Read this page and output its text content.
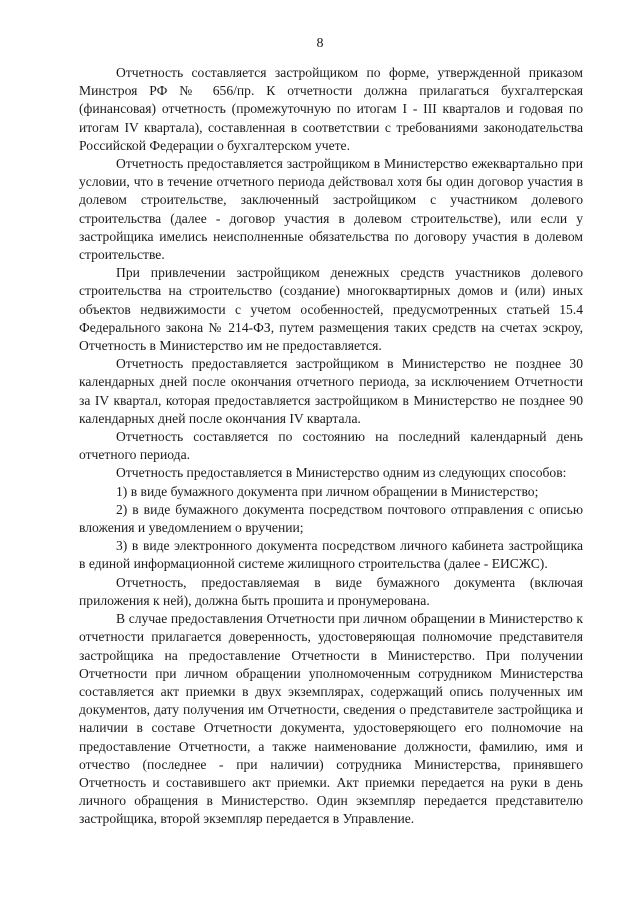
8

Отчетность составляется застройщиком по форме, утвержденной приказом Минстроя РФ № 656/пр. К отчетности должна прилагаться бухгалтерская (финансовая) отчетность (промежуточную по итогам I - III кварталов и годовая по итогам IV квартала), составленная в соответствии с требованиями законодательства Российской Федерации о бухгалтерском учете.

Отчетность предоставляется застройщиком в Министерство ежеквартально при условии, что в течение отчетного периода действовал хотя бы один договор участия в долевом строительстве, заключенный застройщиком с участником долевого строительства (далее - договор участия в долевом строительстве), или если у застройщика имелись неисполненные обязательства по договору участия в долевом строительстве.

При привлечении застройщиком денежных средств участников долевого строительства на строительство (создание) многоквартирных домов и (или) иных объектов недвижимости с учетом особенностей, предусмотренных статьей 15.4 Федерального закона № 214-ФЗ, путем размещения таких средств на счетах эскроу, Отчетность в Министерство им не предоставляется.

Отчетность предоставляется застройщиком в Министерство не позднее 30 календарных дней после окончания отчетного периода, за исключением Отчетности за IV квартал, которая предоставляется застройщиком в Министерство не позднее 90 календарных дней после окончания IV квартала.

Отчетность составляется по состоянию на последний календарный день отчетного периода.

Отчетность предоставляется в Министерство одним из следующих способов:

1) в виде бумажного документа при личном обращении в Министерство;

2) в виде бумажного документа посредством почтового отправления с описью вложения и уведомлением о вручении;

3) в виде электронного документа посредством личного кабинета застройщика в единой информационной системе жилищного строительства (далее - ЕИСЖС).

Отчетность, предоставляемая в виде бумажного документа (включая приложения к ней), должна быть прошита и пронумерована.

В случае предоставления Отчетности при личном обращении в Министерство к отчетности прилагается доверенность, удостоверяющая полномочие представителя застройщика на предоставление Отчетности в Министерство. При получении Отчетности при личном обращении уполномоченным сотрудником Министерства составляется акт приемки в двух экземплярах, содержащий опись полученных им документов, дату получения им Отчетности, сведения о представителе застройщика и наличии в составе Отчетности документа, удостоверяющего его полномочие на предоставление Отчетности, а также наименование должности, фамилию, имя и отчество (последнее - при наличии) сотрудника Министерства, принявшего Отчетность и составившего акт приемки. Акт приемки передается на руки в день личного обращения в Министерство. Один экземпляр передается представителю застройщика, второй экземпляр передается в Управление.
